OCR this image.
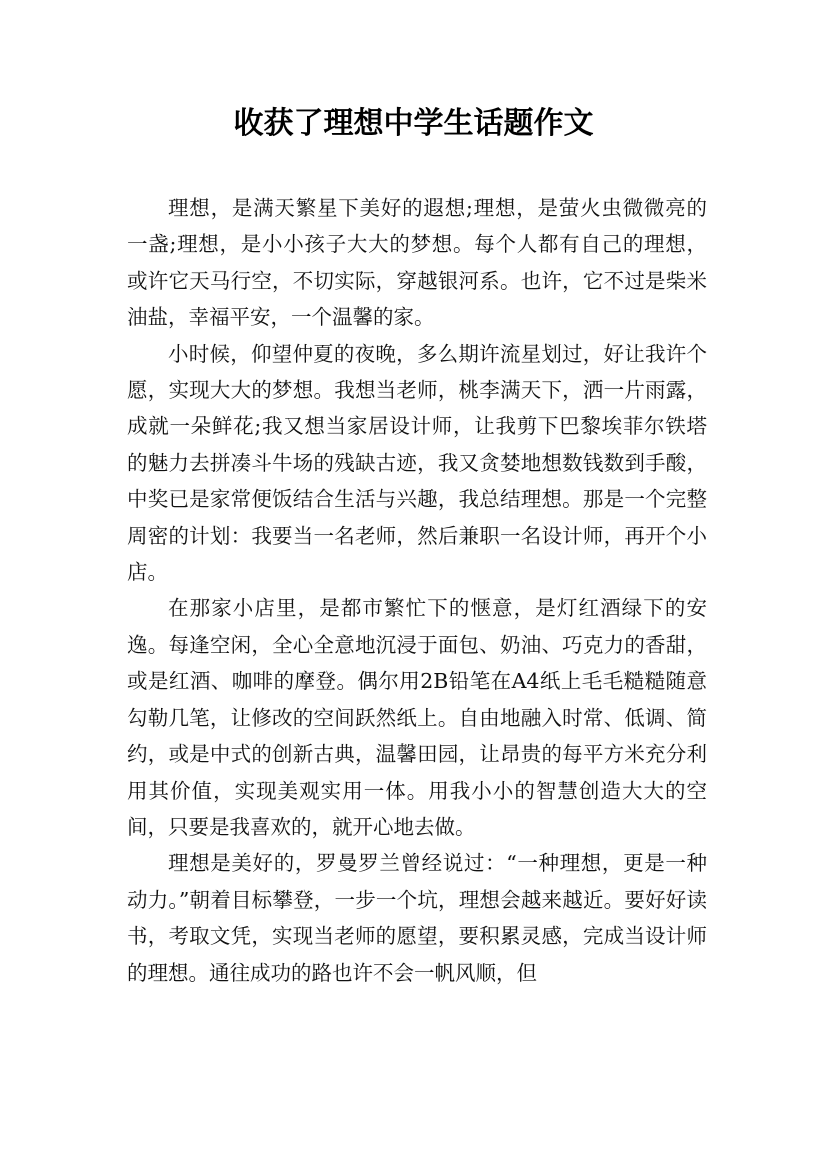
收获了理想中学生话题作文

理想，是满天繁星下美好的遐想;理想，是萤火虫微微亮的一盏;理想，是小小孩子大大的梦想。每个人都有自己的理想，或许它天马行空，不切实际，穿越银河系。也许，它不过是柴米油盐，幸福平安，一个温馨的家。

小时候，仰望仲夏的夜晚，多么期许流星划过，好让我许个愿，实现大大的梦想。我想当老师，桃李满天下，洒一片雨露，成就一朵鲜花;我又想当家居设计师，让我剪下巴黎埃菲尔铁塔的魅力去拼凑斗牛场的残缺古迹，我又贪婪地想数钱数到手酸，中奖已是家常便饭结合生活与兴趣，我总结理想。那是一个完整周密的计划：我要当一名老师，然后兼职一名设计师，再开个小店。

在那家小店里，是都市繁忙下的惬意，是灯红酒绿下的安逸。每逢空闲，全心全意地沉浸于面包、奶油、巧克力的香甜，或是红酒、咖啡的摩登。偶尔用2B铅笔在A4纸上毛毛糙糙随意勾勒几笔，让修改的空间跃然纸上。自由地融入时常、低调、简约，或是中式的创新古典，温馨田园，让昂贵的每平方米充分利用其价值，实现美观实用一体。用我小小的智慧创造大大的空间，只要是我喜欢的，就开心地去做。

理想是美好的，罗曼罗兰曾经说过：“一种理想，更是一种动力。”朝着目标攀登，一步一个坑，理想会越来越近。要好好读书，考取文凭，实现当老师的愿望，要积累灵感，完成当设计师的理想。通往成功的路也许不会一帆风顺，但
